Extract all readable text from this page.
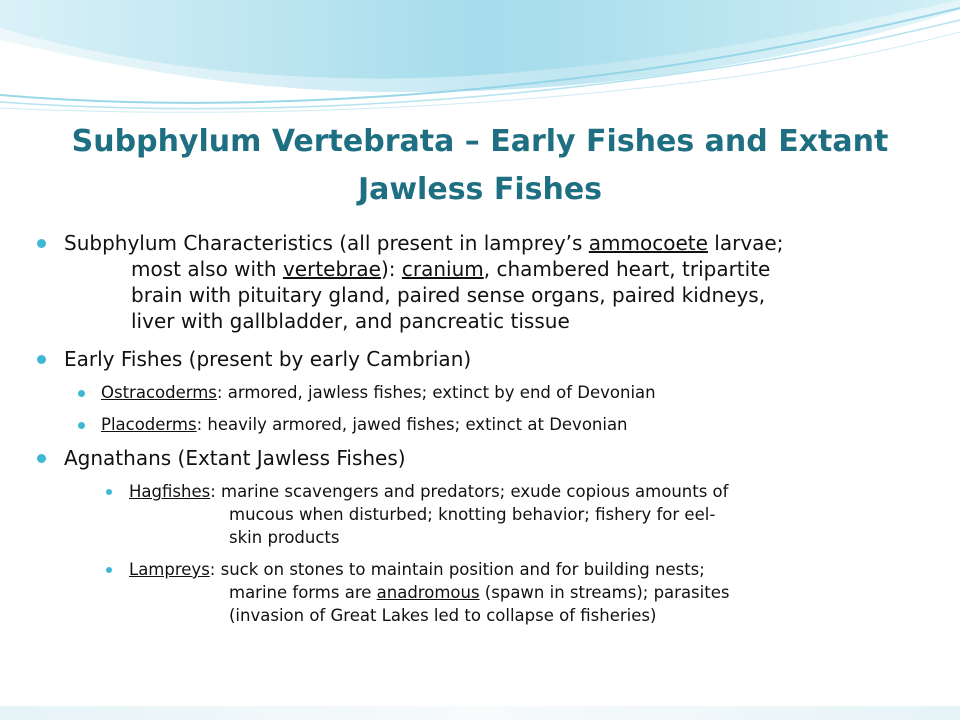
Subphylum Vertebrata – Early Fishes and Extant Jawless Fishes
Subphylum Characteristics (all present in lamprey’s ammocoete larvae;
most also with vertebrae): cranium, chambered heart, tripartite
brain with pituitary gland, paired sense organs, paired kidneys,
liver with gallbladder, and pancreatic tissue
Early Fishes (present by early Cambrian)
Ostracoderms: armored, jawless fishes; extinct by end of Devonian
Placoderms: heavily armored, jawed fishes; extinct at Devonian
Agnathans (Extant Jawless Fishes)
Hagfishes: marine scavengers and predators; exude copious amounts of
mucous when disturbed; knotting behavior; fishery for eel-
skin products
Lampreys: suck on stones to maintain position and for building nests;
marine forms are anadromous (spawn in streams); parasites
(invasion of Great Lakes led to collapse of fisheries)
